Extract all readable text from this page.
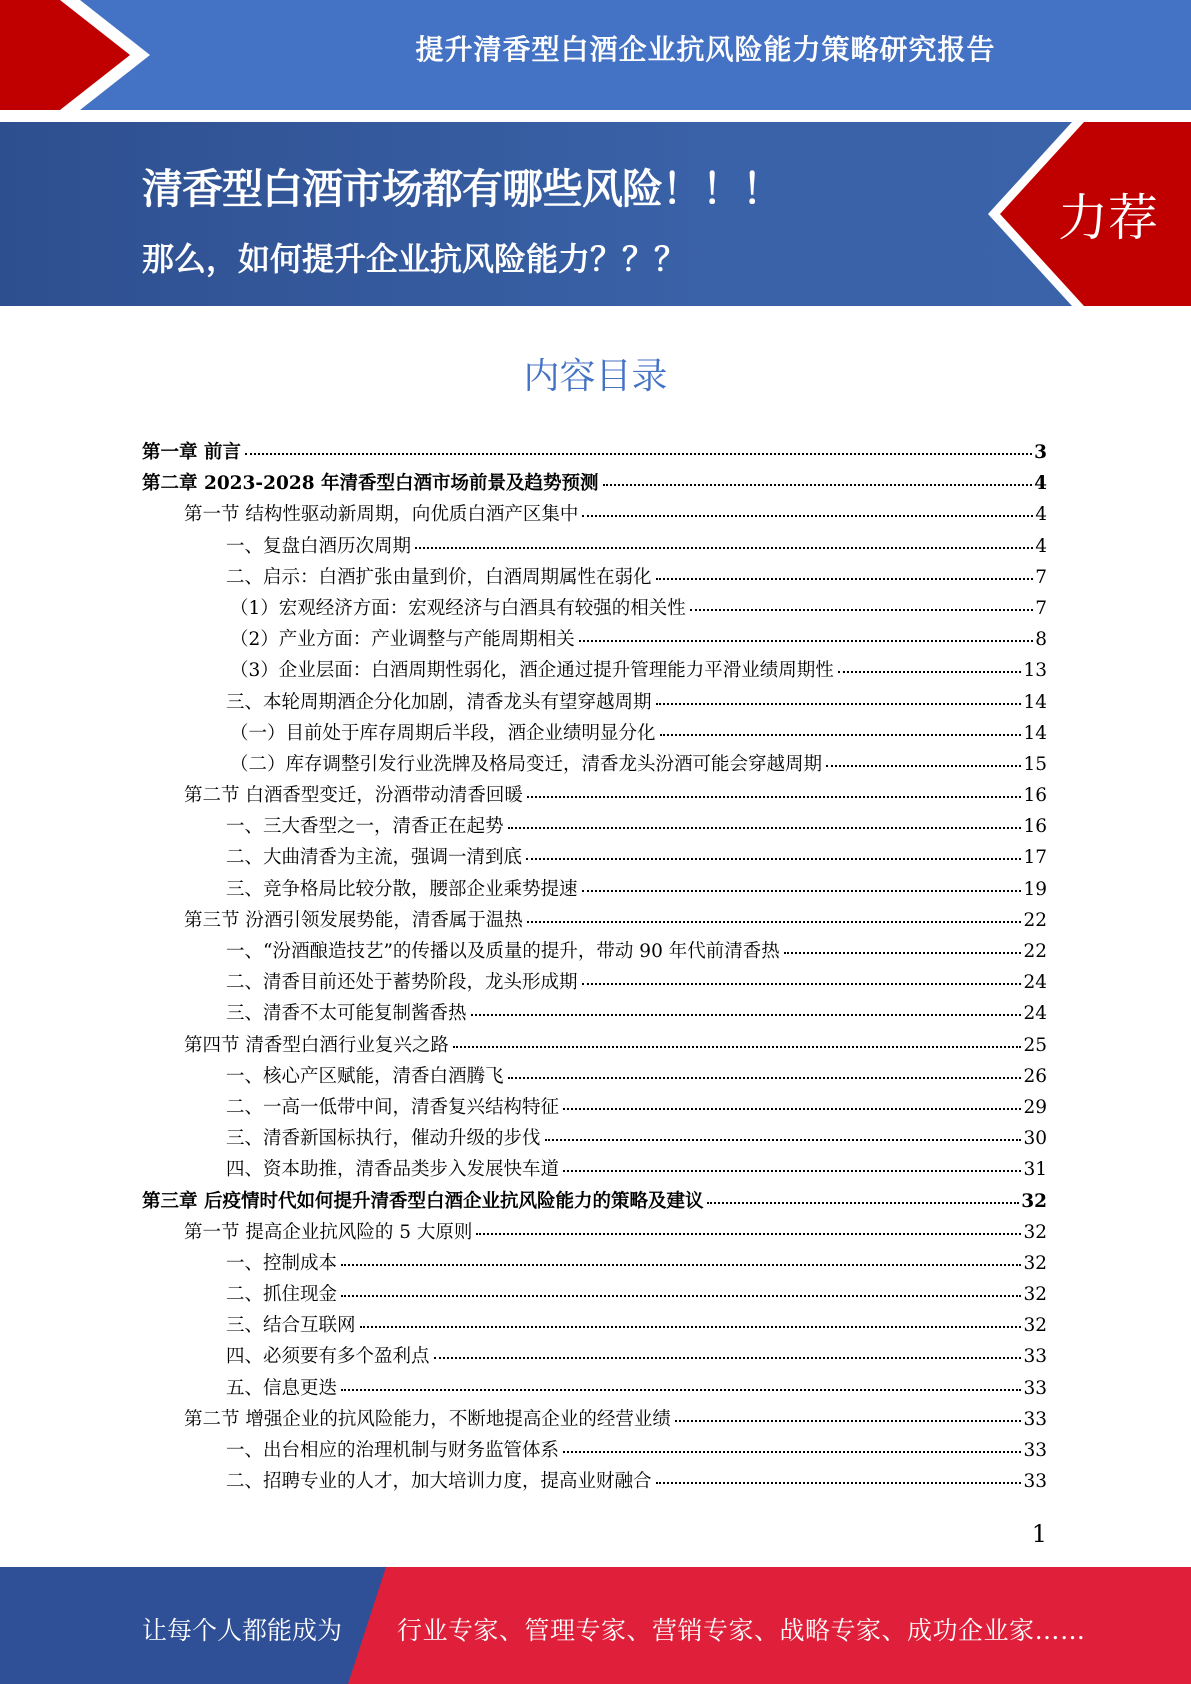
提升清香型白酒企业抗风险能力策略研究报告
清香型白酒市场都有哪些风险！！！
那么，如何提升企业抗风险能力？？？
力荐
内容目录
第一章 前言	3
第二章 2023-2028 年清香型白酒市场前景及趋势预测	4
第一节 结构性驱动新周期，向优质白酒产区集中	4
一、复盘白酒历次周期	4
二、启示：白酒扩张由量到价，白酒周期属性在弱化	7
（1）宏观经济方面：宏观经济与白酒具有较强的相关性	7
（2）产业方面：产业调整与产能周期相关	8
（3）企业层面：白酒周期性弱化，酒企通过提升管理能力平滑业绩周期性	13
三、本轮周期酒企分化加剧，清香龙头有望穿越周期	14
（一）目前处于库存周期后半段，酒企业绩明显分化	14
（二）库存调整引发行业洗牌及格局变迁，清香龙头汾酒可能会穿越周期	15
第二节 白酒香型变迁，汾酒带动清香回暖	16
一、三大香型之一，清香正在起势	16
二、大曲清香为主流，强调一清到底	17
三、竞争格局比较分散，腰部企业乘势提速	19
第三节 汾酒引领发展势能，清香属于温热	22
一、“汾酒酿造技艺”的传播以及质量的提升，带动 90 年代前清香热	22
二、清香目前还处于蓄势阶段，龙头形成期	24
三、清香不太可能复制酱香热	24
第四节 清香型白酒行业复兴之路	25
一、核心产区赋能，清香白酒腾飞	26
二、一高一低带中间，清香复兴结构特征	29
三、清香新国标执行，催动升级的步伐	30
四、资本助推，清香品类步入发展快车道	31
第三章 后疫情时代如何提升清香型白酒企业抗风险能力的策略及建议	32
第一节 提高企业抗风险的 5 大原则	32
一、控制成本	32
二、抓住现金	32
三、结合互联网	32
四、必须要有多个盈利点	33
五、信息更迭	33
第二节 增强企业的抗风险能力，不断地提高企业的经营业绩	33
一、出台相应的治理机制与财务监管体系	33
二、招聘专业的人才，加大培训力度，提高业财融合	33
1
让每个人都能成为 行业专家、管理专家、营销专家、战略专家、成功企业家……
